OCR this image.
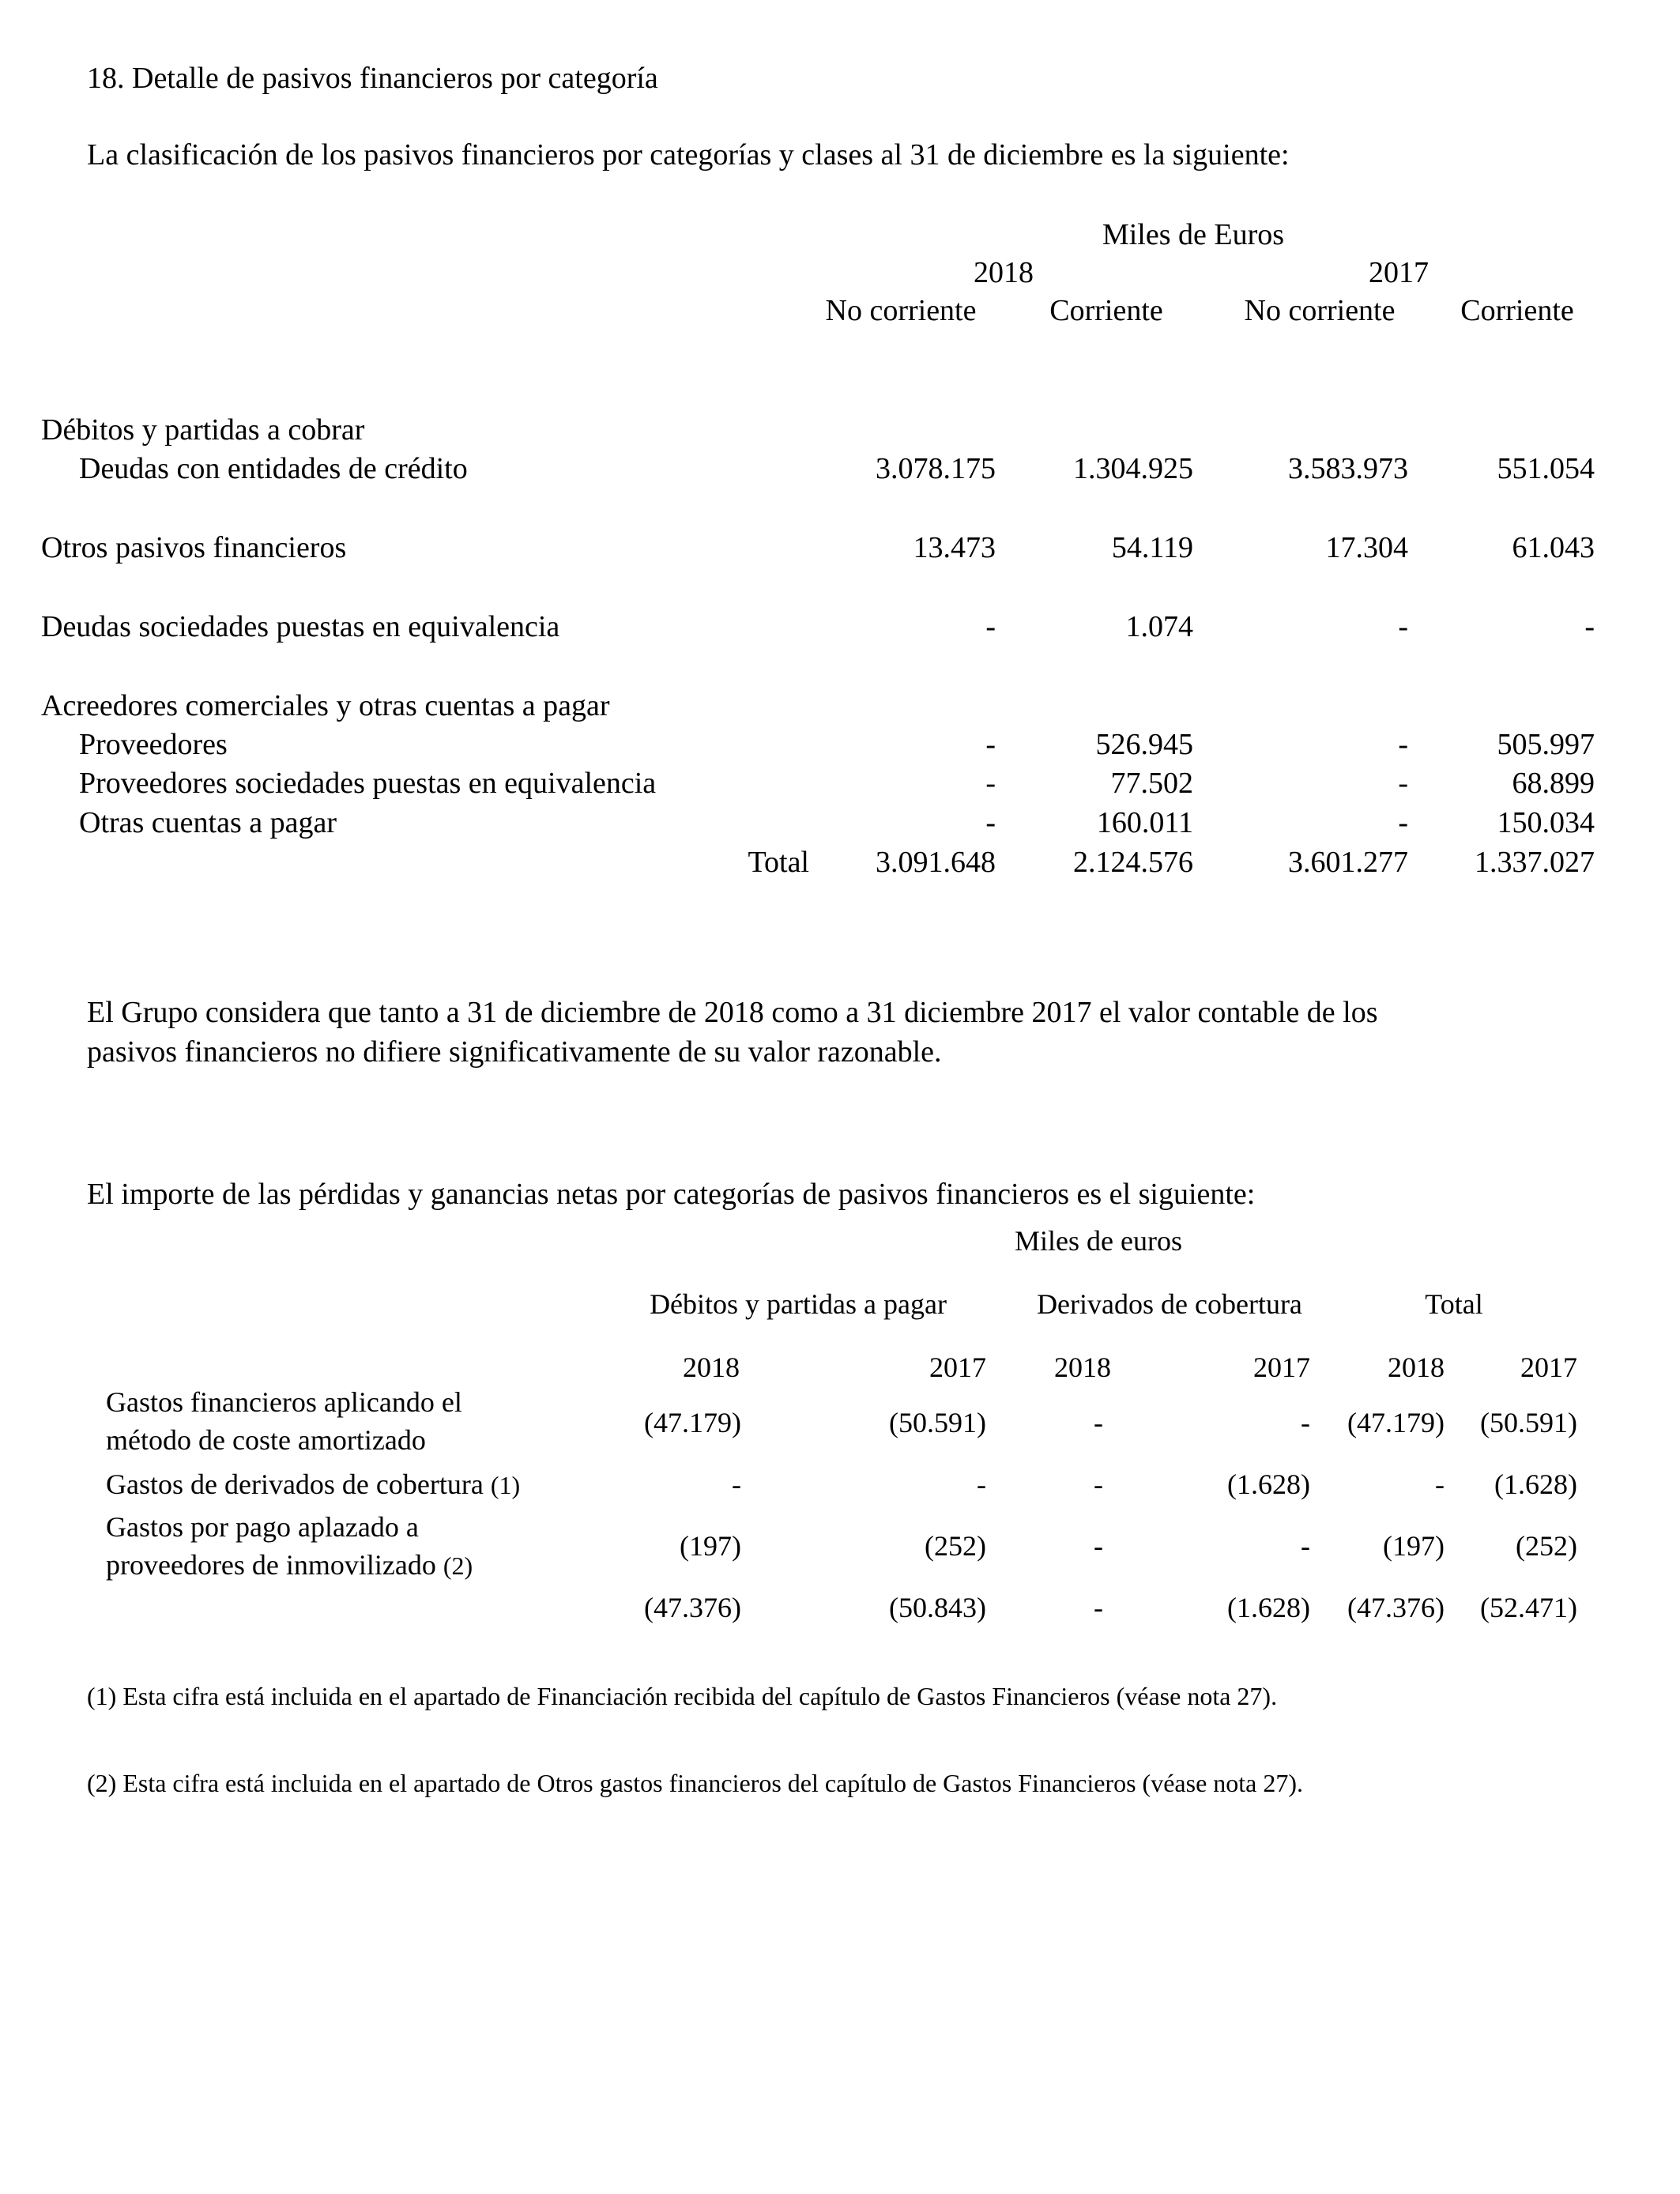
18. Detalle de pasivos financieros por categoría
La clasificación de los pasivos financieros por categorías y clases al 31 de diciembre es la siguiente:
Miles de Euros
2018	2017
No corriente	Corriente	No corriente	Corriente
Débitos y partidas a cobrar
Deudas con entidades de crédito	3.078.175	1.304.925	3.583.973	551.054
Otros pasivos financieros	13.473	54.119	17.304	61.043
Deudas sociedades puestas en equivalencia	-	1.074	-	-
Acreedores comerciales y otras cuentas a pagar
Proveedores	-	526.945	-	505.997
Proveedores sociedades puestas en equivalencia	-	77.502	-	68.899
Otras cuentas a pagar	-	160.011	-	150.034
Total	3.091.648	2.124.576	3.601.277	1.337.027
El Grupo considera que tanto a 31 de diciembre de 2018 como a 31 diciembre 2017 el valor contable de los
pasivos financieros no difiere significativamente de su valor razonable.
El importe de las pérdidas y ganancias netas por categorías de pasivos financieros es el siguiente:
Miles de euros
Débitos y partidas a pagar	Derivados de cobertura	Total
2018	2017	2018	2017	2018	2017
Gastos financieros aplicando el
método de coste amortizado
(47.179)	(50.591)	-	-	(47.179)	(50.591)
Gastos de derivados de cobertura (1)	-	-	-	(1.628)	-	(1.628)
Gastos por pago aplazado a
proveedores de inmovilizado (2)
(197)	(252)	-	-	(197)	(252)
(47.376)	(50.843)	-	(1.628)	(47.376)	(52.471)
(1) Esta cifra está incluida en el apartado de Financiación recibida del capítulo de Gastos Financieros (véase nota 27).
(2) Esta cifra está incluida en el apartado de Otros gastos financieros del capítulo de Gastos Financieros (véase nota 27).
